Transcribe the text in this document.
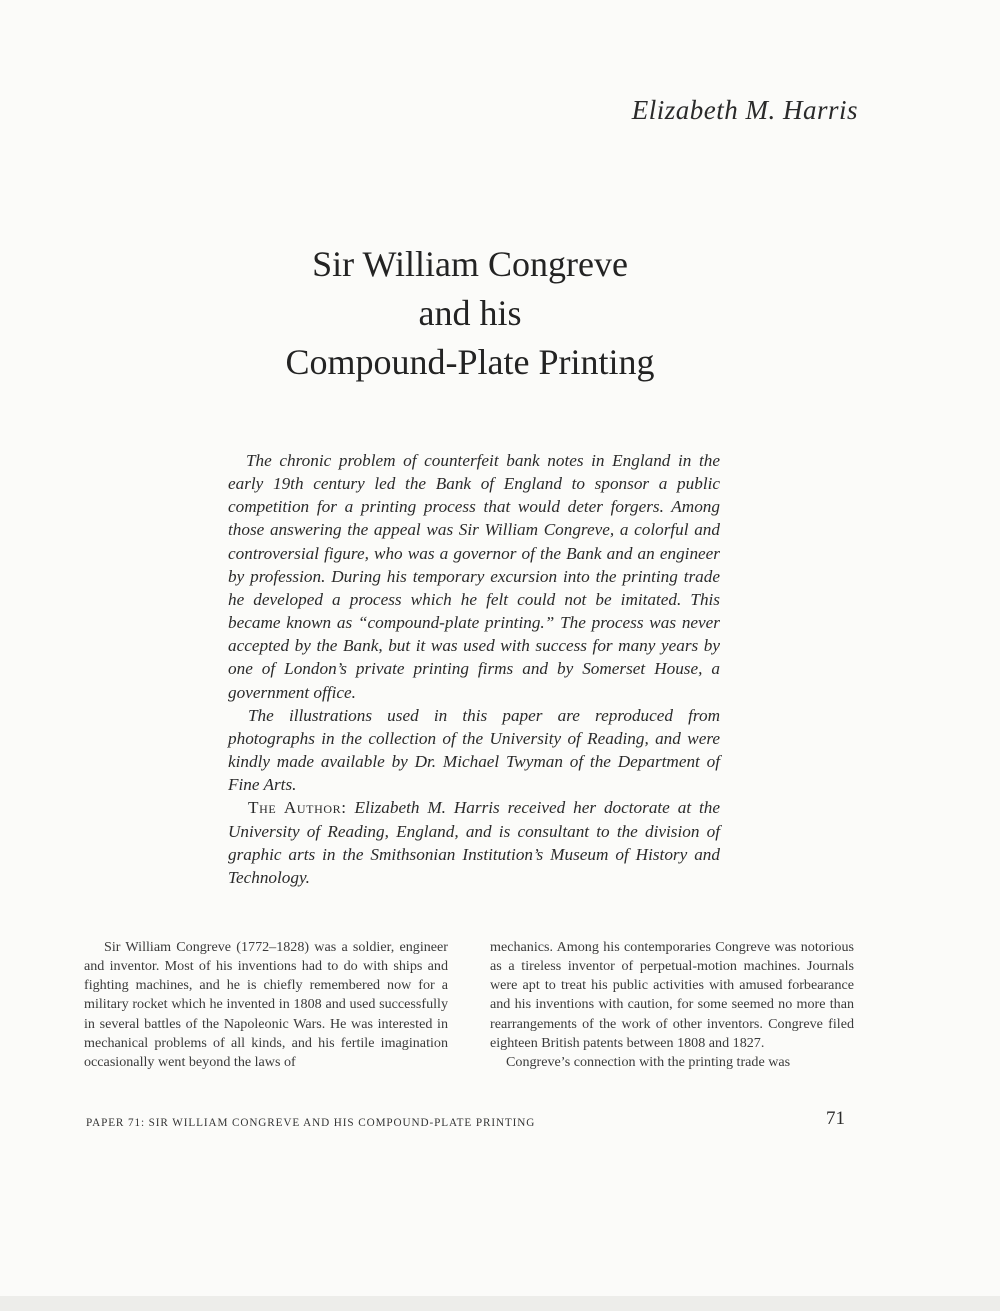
Elizabeth M. Harris
Sir William Congreve
and his
Compound-Plate Printing

The chronic problem of counterfeit bank notes in England in the early 19th century led the Bank of England to sponsor a public competition for a printing process that would deter forgers. Among those answering the appeal was Sir William Congreve, a colorful and controversial figure, who was a governor of the Bank and an engineer by profession. During his temporary excursion into the printing trade he developed a process which he felt could not be imitated. This became known as “compound-plate printing.” The process was never accepted by the Bank, but it was used with success for many years by one of London’s private printing firms and by Somerset House, a government office.

The illustrations used in this paper are reproduced from photographs in the collection of the University of Reading, and were kindly made available by Dr. Michael Twyman of the Department of Fine Arts.

The Author: Elizabeth M. Harris received her doctorate at the University of Reading, England, and is consultant to the division of graphic arts in the Smithsonian Institution’s Museum of History and Technology.

Sir William Congreve (1772–1828) was a soldier, engineer and inventor. Most of his inventions had to do with ships and fighting machines, and he is chiefly remembered now for a military rocket which he invented in 1808 and used successfully in several battles of the Napoleonic Wars. He was interested in mechanical problems of all kinds, and his fertile imagination occasionally went beyond the laws of

mechanics. Among his contemporaries Congreve was notorious as a tireless inventor of perpetual-motion machines. Journals were apt to treat his public activities with amused forbearance and his inventions with caution, for some seemed no more than rearrangements of the work of other inventors. Congreve filed eighteen British patents between 1808 and 1827.

Congreve’s connection with the printing trade was

PAPER 71: SIR WILLIAM CONGREVE AND HIS COMPOUND-PLATE PRINTING	71
